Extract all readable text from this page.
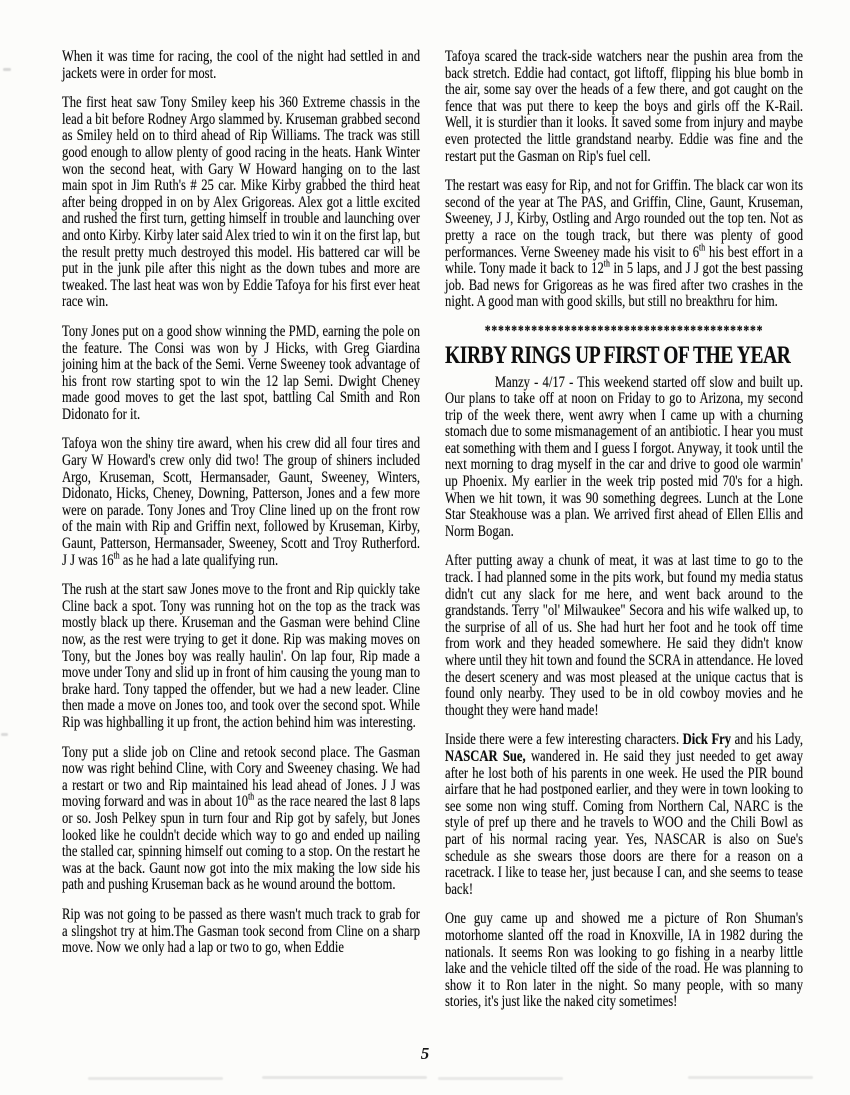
When it was time for racing, the cool of the night had settled in and jackets were in order for most.

The first heat saw Tony Smiley keep his 360 Extreme chassis in the lead a bit before Rodney Argo slammed by. Kruseman grabbed second as Smiley held on to third ahead of Rip Williams. The track was still good enough to allow plenty of good racing in the heats. Hank Winter won the second heat, with Gary W Howard hanging on to the last main spot in Jim Ruth's # 25 car. Mike Kirby grabbed the third heat after being dropped in on by Alex Grigoreas. Alex got a little excited and rushed the first turn, getting himself in trouble and launching over and onto Kirby. Kirby later said Alex tried to win it on the first lap, but the result pretty much destroyed this model. His battered car will be put in the junk pile after this night as the down tubes and more are tweaked. The last heat was won by Eddie Tafoya for his first ever heat race win.

Tony Jones put on a good show winning the PMD, earning the pole on the feature. The Consi was won by J Hicks, with Greg Giardina joining him at the back of the Semi. Verne Sweeney took advantage of his front row starting spot to win the 12 lap Semi. Dwight Cheney made good moves to get the last spot, battling Cal Smith and Ron Didonato for it.

Tafoya won the shiny tire award, when his crew did all four tires and Gary W Howard's crew only did two! The group of shiners included Argo, Kruseman, Scott, Hermansader, Gaunt, Sweeney, Winters, Didonato, Hicks, Cheney, Downing, Patterson, Jones and a few more were on parade. Tony Jones and Troy Cline lined up on the front row of the main with Rip and Griffin next, followed by Kruseman, Kirby, Gaunt, Patterson, Hermansader, Sweeney, Scott and Troy Rutherford. J J was 16th as he had a late qualifying run.

The rush at the start saw Jones move to the front and Rip quickly take Cline back a spot. Tony was running hot on the top as the track was mostly black up there. Kruseman and the Gasman were behind Cline now, as the rest were trying to get it done. Rip was making moves on Tony, but the Jones boy was really haulin'. On lap four, Rip made a move under Tony and slid up in front of him causing the young man to brake hard. Tony tapped the offender, but we had a new leader. Cline then made a move on Jones too, and took over the second spot. While Rip was highballing it up front, the action behind him was interesting.

Tony put a slide job on Cline and retook second place. The Gasman now was right behind Cline, with Cory and Sweeney chasing. We had a restart or two and Rip maintained his lead ahead of Jones. J J was moving forward and was in about 10th as the race neared the last 8 laps or so. Josh Pelkey spun in turn four and Rip got by safely, but Jones looked like he couldn't decide which way to go and ended up nailing the stalled car, spinning himself out coming to a stop. On the restart he was at the back. Gaunt now got into the mix making the low side his path and pushing Kruseman back as he wound around the bottom.

Rip was not going to be passed as there wasn't much track to grab for a slingshot try at him.The Gasman took second from Cline on a sharp move. Now we only had a lap or two to go, when Eddie

Tafoya scared the track-side watchers near the pushin area from the back stretch. Eddie had contact, got liftoff, flipping his blue bomb in the air, some say over the heads of a few there, and got caught on the fence that was put there to keep the boys and girls off the K-Rail. Well, it is sturdier than it looks. It saved some from injury and maybe even protected the little grandstand nearby. Eddie was fine and the restart put the Gasman on Rip's fuel cell.

The restart was easy for Rip, and not for Griffin. The black car won its second of the year at The PAS, and Griffin, Cline, Gaunt, Kruseman, Sweeney, J J, Kirby, Ostling and Argo rounded out the top ten. Not as pretty a race on the tough track, but there was plenty of good performances. Verne Sweeney made his visit to 6th his best effort in a while. Tony made it back to 12th in 5 laps, and J J got the best passing job. Bad news for Grigoreas as he was fired after two crashes in the night. A good man with good skills, but still no breakthru for him.

******************************************
KIRBY RINGS UP FIRST OF THE YEAR

Manzy - 4/17 - This weekend started off slow and built up. Our plans to take off at noon on Friday to go to Arizona, my second trip of the week there, went awry when I came up with a churning stomach due to some mismanagement of an antibiotic. I hear you must eat something with them and I guess I forgot. Anyway, it took until the next morning to drag myself in the car and drive to good ole warmin' up Phoenix. My earlier in the week trip posted mid 70's for a high. When we hit town, it was 90 something degrees. Lunch at the Lone Star Steakhouse was a plan. We arrived first ahead of Ellen Ellis and Norm Bogan.

After putting away a chunk of meat, it was at last time to go to the track. I had planned some in the pits work, but found my media status didn't cut any slack for me here, and went back around to the grandstands. Terry "ol' Milwaukee" Secora and his wife walked up, to the surprise of all of us. She had hurt her foot and he took off time from work and they headed somewhere. He said they didn't know where until they hit town and found the SCRA in attendance. He loved the desert scenery and was most pleased at the unique cactus that is found only nearby. They used to be in old cowboy movies and he thought they were hand made!

Inside there were a few interesting characters. Dick Fry and his Lady, NASCAR Sue, wandered in. He said they just needed to get away after he lost both of his parents in one week. He used the PIR bound airfare that he had postponed earlier, and they were in town looking to see some non wing stuff. Coming from Northern Cal, NARC is the style of pref up there and he travels to WOO and the Chili Bowl as part of his normal racing year. Yes, NASCAR is also on Sue's schedule as she swears those doors are there for a reason on a racetrack. I like to tease her, just because I can, and she seems to tease back!

One guy came up and showed me a picture of Ron Shuman's motorhome slanted off the road in Knoxville, IA in 1982 during the nationals. It seems Ron was looking to go fishing in a nearby little lake and the vehicle tilted off the side of the road. He was planning to show it to Ron later in the night. So many people, with so many stories, it's just like the naked city sometimes!

5
